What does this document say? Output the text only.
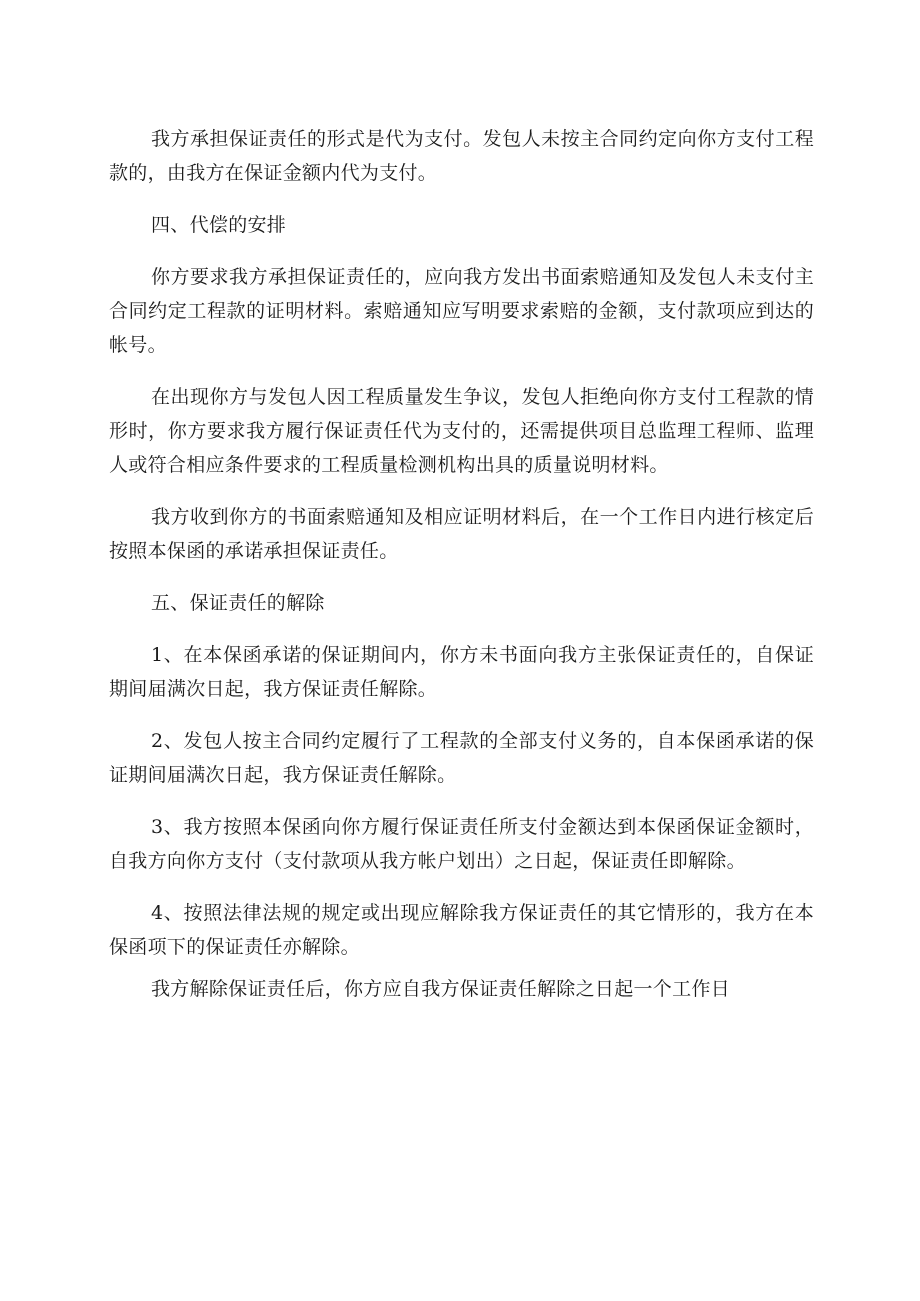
我方承担保证责任的形式是代为支付。发包人未按主合同约定向你方支付工程款的，由我方在保证金额内代为支付。

四、代偿的安排

你方要求我方承担保证责任的，应向我方发出书面索赔通知及发包人未支付主合同约定工程款的证明材料。索赔通知应写明要求索赔的金额，支付款项应到达的帐号。

在出现你方与发包人因工程质量发生争议，发包人拒绝向你方支付工程款的情形时，你方要求我方履行保证责任代为支付的，还需提供项目总监理工程师、监理人或符合相应条件要求的工程质量检测机构出具的质量说明材料。

我方收到你方的书面索赔通知及相应证明材料后，在一个工作日内进行核定后按照本保函的承诺承担保证责任。

五、保证责任的解除

1、在本保函承诺的保证期间内，你方未书面向我方主张保证责任的，自保证期间届满次日起，我方保证责任解除。

2、发包人按主合同约定履行了工程款的全部支付义务的，自本保函承诺的保证期间届满次日起，我方保证责任解除。

3、我方按照本保函向你方履行保证责任所支付金额达到本保函保证金额时，自我方向你方支付（支付款项从我方帐户划出）之日起，保证责任即解除。

4、按照法律法规的规定或出现应解除我方保证责任的其它情形的，我方在本保函项下的保证责任亦解除。

我方解除保证责任后，你方应自我方保证责任解除之日起一个工作日
